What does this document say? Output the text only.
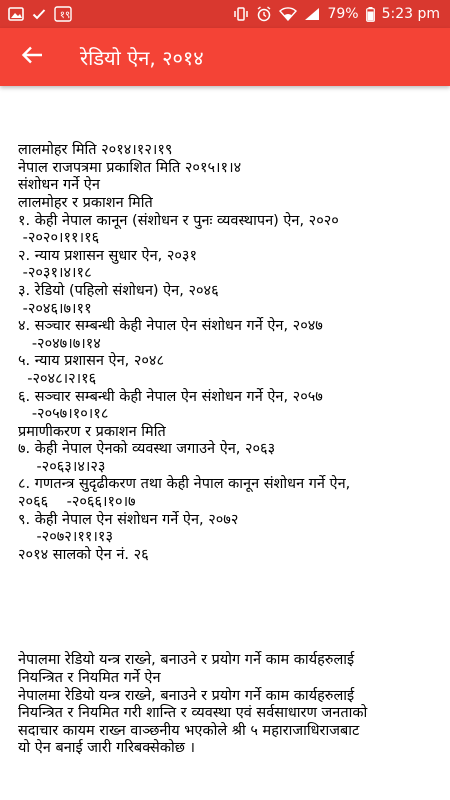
१९	79% 5:23 pm
रेडियो ऐन, २०१४

लालमोहर मिति २०१४।१२।१९

नेपाल राजपत्रमा प्रकाशित मिति २०१५।१।४

संशोधन गर्ने ऐन

लालमोहर र प्रकाशन मिति

१. केही नेपाल कानून (संशोधन र पुनः व्यवस्थापन) ऐन, २०२०

-२०२०।११।१६

२. न्याय प्रशासन सुधार ऐन, २०३१

-२०३१।४।१८

३. रेडियो (पहिलो संशोधन) ऐन, २०४६

-२०४६।७।११

४. सञ्चार सम्बन्धी केही नेपाल ऐन संशोधन गर्ने ऐन, २०४७

-२०४७।७।१४

५. न्याय प्रशासन ऐन, २०४८

-२०४८।२।१६

६. सञ्चार सम्बन्धी केही नेपाल ऐन संशोधन गर्ने ऐन, २०५७

-२०५७।१०।१८

प्रमाणीकरण र प्रकाशन मिति

७. केही नेपाल ऐनको व्यवस्था जगाउने ऐन, २०६३

-२०६३।४।२३

८. गणतन्त्र सुदृढीकरण तथा केही नेपाल कानून संशोधन गर्ने ऐन,

२०६६    -२०६६।१०।७

९. केही नेपाल ऐन संशोधन गर्ने ऐन, २०७२

-२०७२।११।१३

२०१४ सालको ऐन नं. २६

नेपालमा रेडियो यन्त्र राख्ने, बनाउने र प्रयोग गर्ने काम कार्यहरुलाई

नियन्त्रित र नियमित गर्ने ऐन

नेपालमा रेडियो यन्त्र राख्ने, बनाउने र प्रयोग गर्ने काम कार्यहरुलाई

नियन्त्रित र नियमित गरी शान्ति र व्यवस्था एवं सर्वसाधारण जनताको

सदाचार कायम राख्न वाञ्छनीय भएकोले श्री ५ महाराजाधिराजबाट

यो ऐन बनाई जारी गरिबक्सेकोछ ।
